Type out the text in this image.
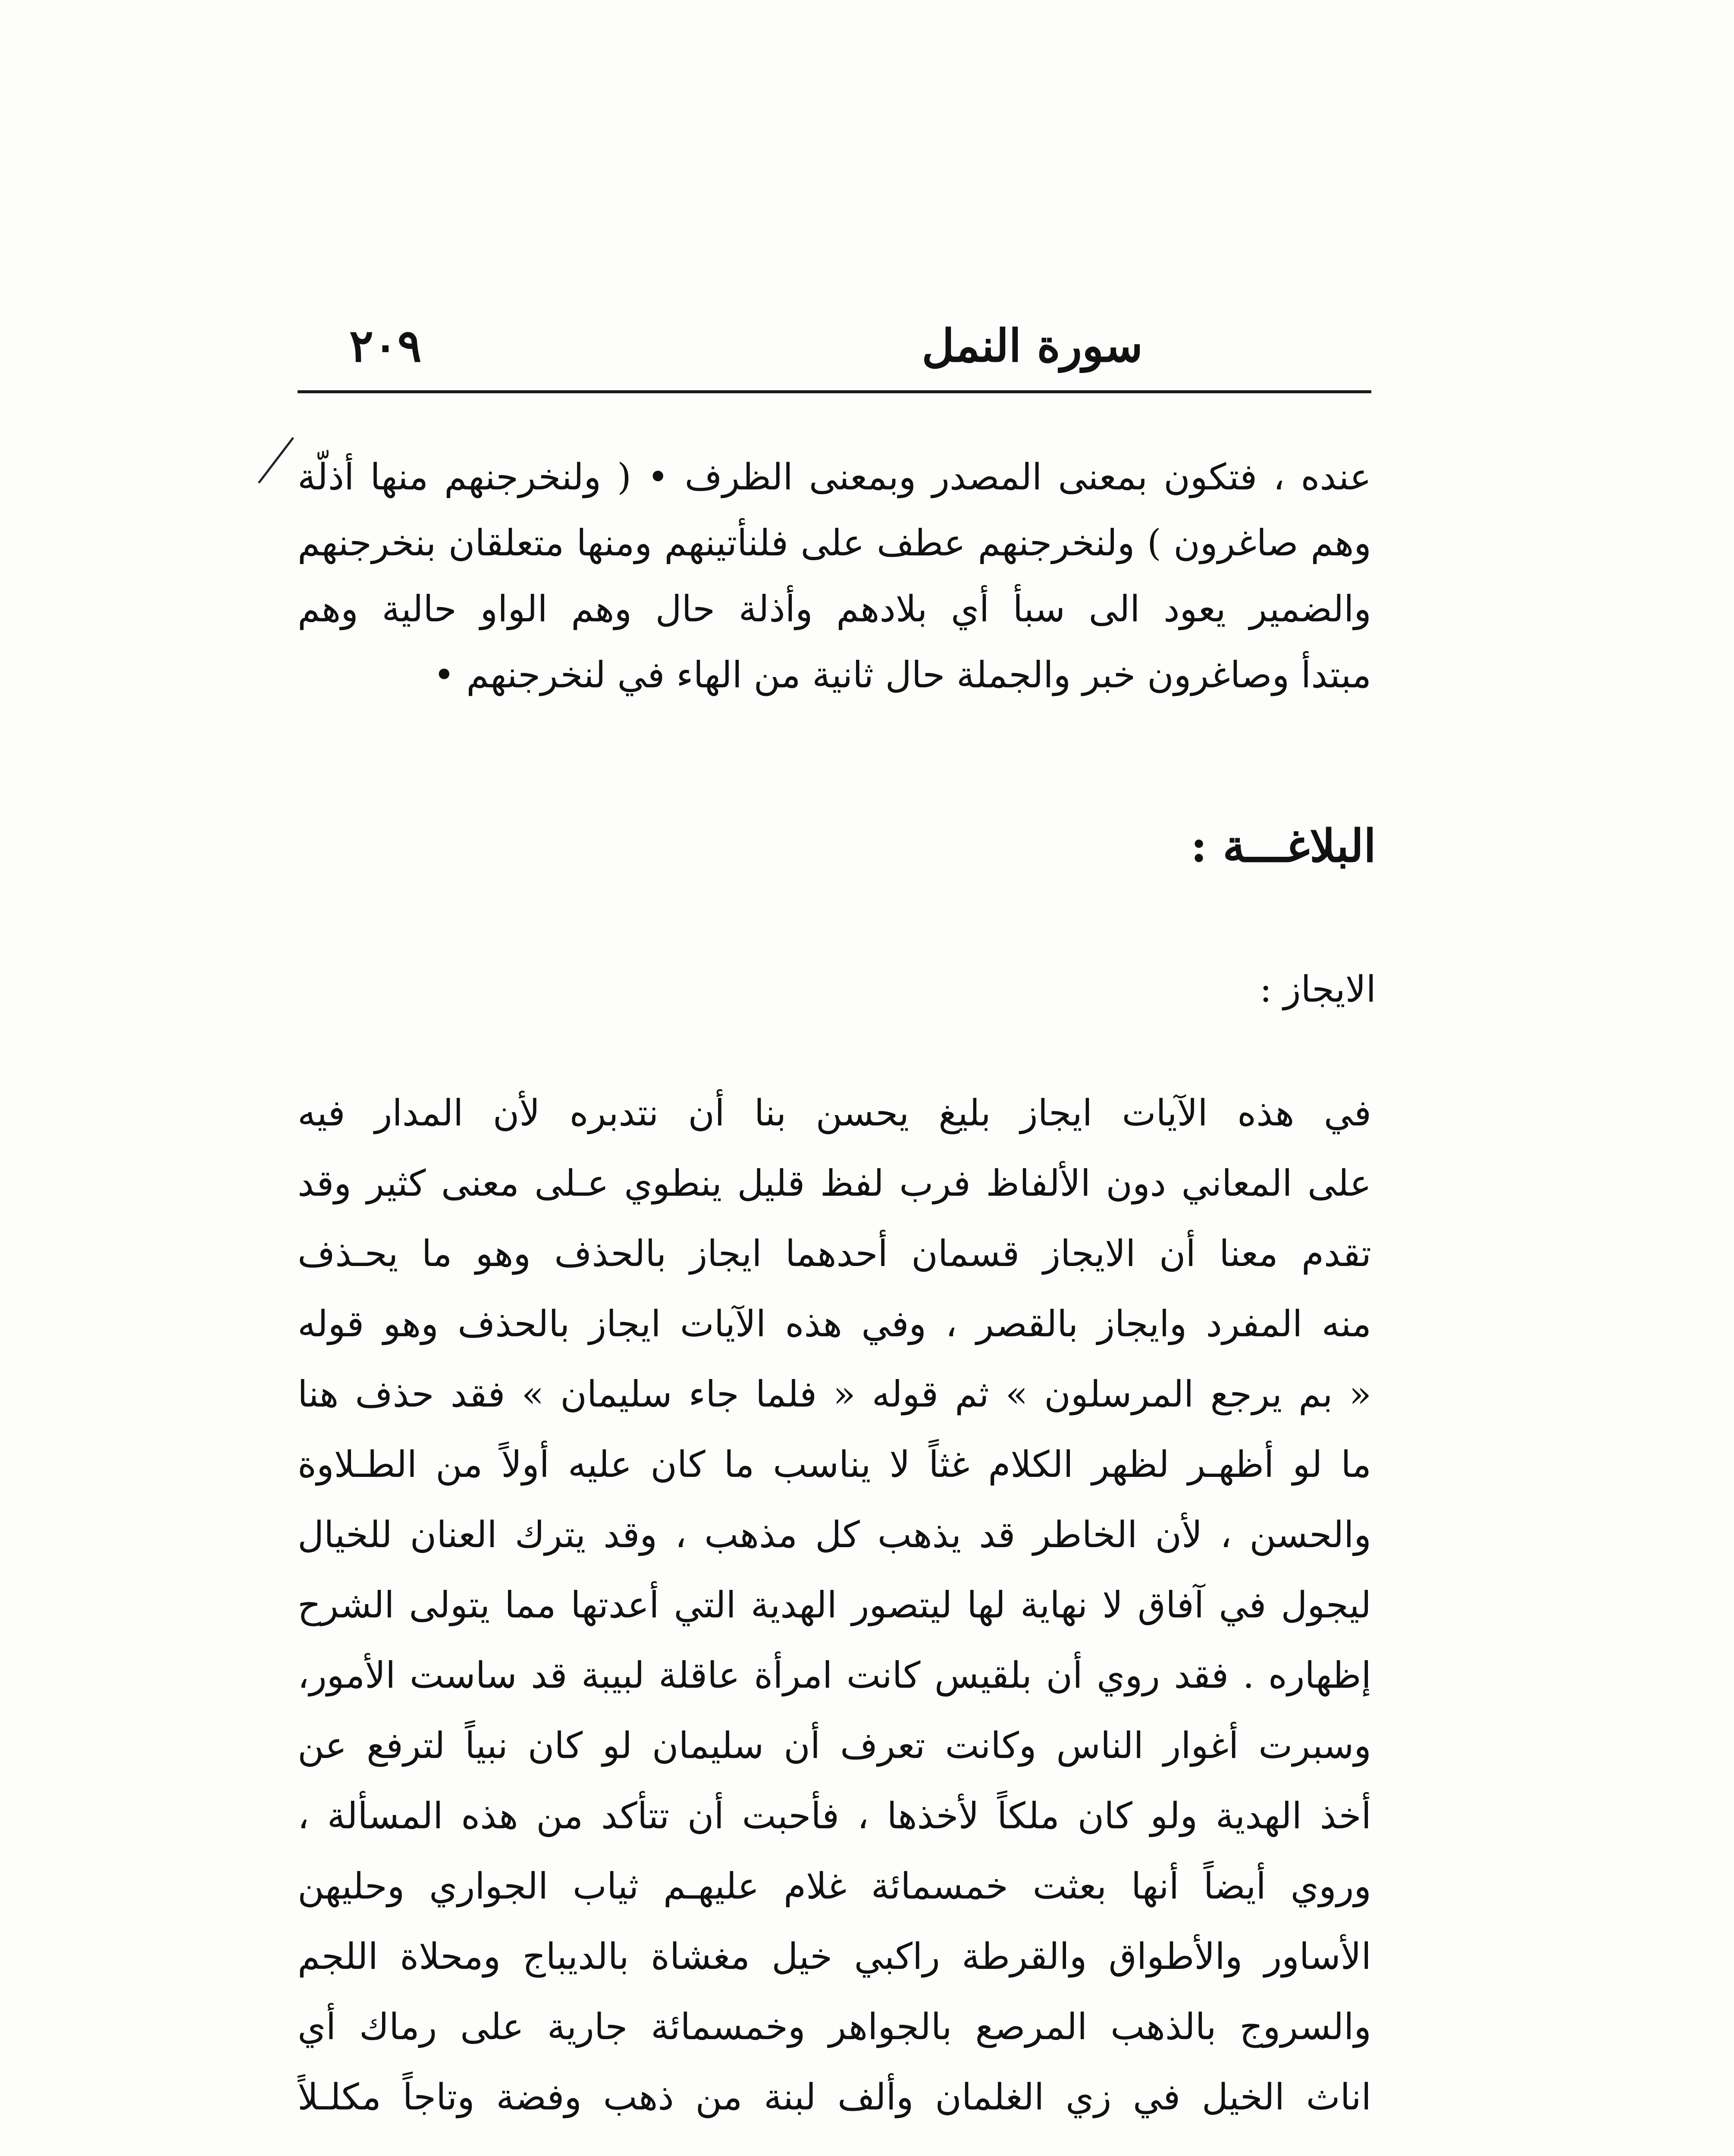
سورة النمل
٢٠٩
عنده ، فتكون بمعنى المصدر وبمعنى الظرف • ( ولنخرجنهم منها أذلّة
وهم صاغرون ) ولنخرجنهم عطف على فلنأتينهم ومنها متعلقان بنخرجنهم
والضمير يعود الى سبأ أي بلادهم وأذلة حال وهم الواو حالية وهم
مبتدأ وصاغرون خبر والجملة حال ثانية من الهاء في لنخرجنهم •
البلاغـــة :
الايجاز :
في هذه الآيات ايجاز بليغ يحسن بنا أن نتدبره لأن المدار فيه
على المعاني دون الألفاظ فرب لفظ قليل ينطوي عـلى معنى كثير وقد
تقدم معنا أن الايجاز قسمان أحدهما ايجاز بالحذف وهو ما يحـذف
منه المفرد وايجاز بالقصر ، وفي هذه الآيات ايجاز بالحذف وهو قوله
« بم يرجع المرسلون » ثم قوله « فلما جاء سليمان » فقد حذف هنا
ما لو أظهـر لظهر الكلام غثاً لا يناسب ما كان عليه أولاً من الطـلاوة
والحسن ، لأن الخاطر قد يذهب كل مذهب ، وقد يترك العنان للخيال
ليجول في آفاق لا نهاية لها ليتصور الهدية التي أعدتها مما يتولى الشرح
إظهاره . فقد روي أن بلقيس كانت امرأة عاقلة لبيبة قد ساست الأمور،
وسبرت أغوار الناس وكانت تعرف أن سليمان لو كان نبياً لترفع عن
أخذ الهدية ولو كان ملكاً لأخذها ، فأحبت أن تتأكد من هذه المسألة ،
وروي أيضاً أنها بعثت خمسمائة غلام عليهـم ثياب الجواري وحليهن
الأساور والأطواق والقرطة راكبي خيل مغشاة بالديباج ومحلاة اللجم
والسروج بالذهب المرصع بالجواهر وخمسمائة جارية على رماك أي
اناث الخيل في زي الغلمان وألف لبنة من ذهب وفضة وتاجاً مكلـلاً
